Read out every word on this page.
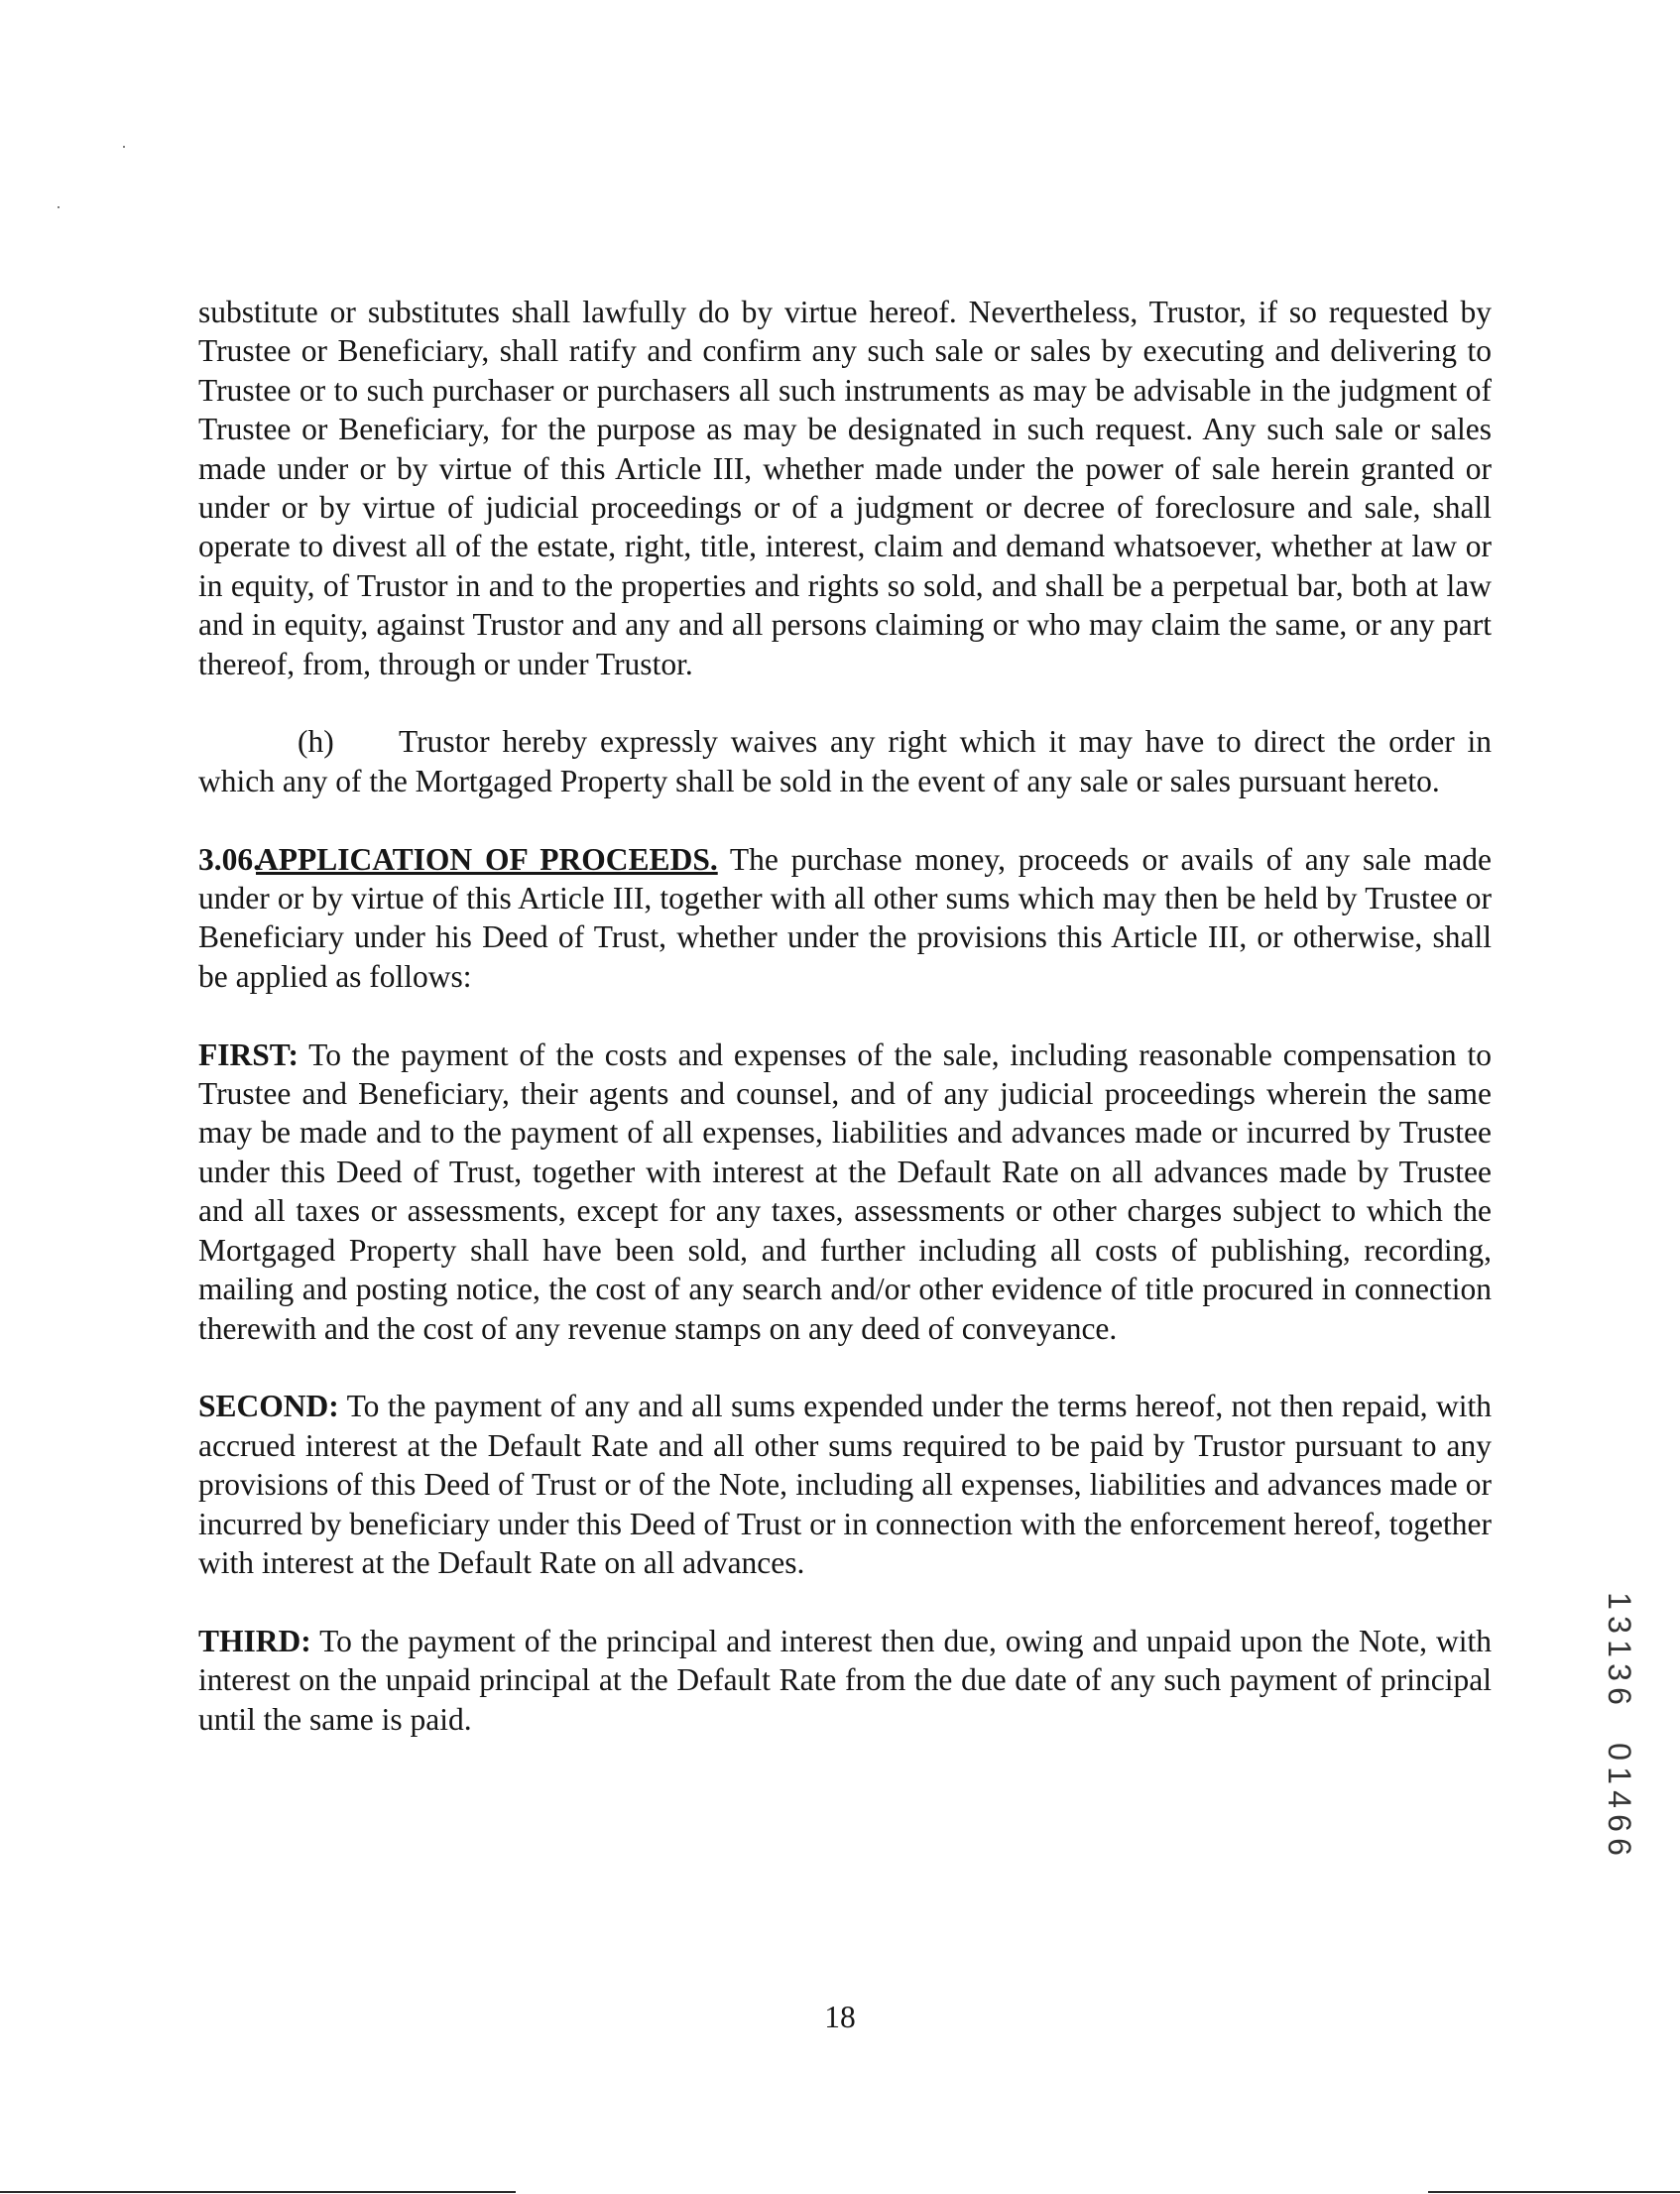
substitute or substitutes shall lawfully do by virtue hereof. Nevertheless, Trustor, if so requested by Trustee or Beneficiary, shall ratify and confirm any such sale or sales by executing and delivering to Trustee or to such purchaser or purchasers all such instruments as may be advisable in the judgment of Trustee or Beneficiary, for the purpose as may be designated in such request. Any such sale or sales made under or by virtue of this Article III, whether made under the power of sale herein granted or under or by virtue of judicial proceedings or of a judgment or decree of foreclosure and sale, shall operate to divest all of the estate, right, title, interest, claim and demand whatsoever, whether at law or in equity, of Trustor in and to the properties and rights so sold, and shall be a perpetual bar, both at law and in equity, against Trustor and any and all persons claiming or who may claim the same, or any part thereof, from, through or under Trustor.

(h) Trustor hereby expressly waives any right which it may have to direct the order in which any of the Mortgaged Property shall be sold in the event of any sale or sales pursuant hereto.

3.06.APPLICATION OF PROCEEDS. The purchase money, proceeds or avails of any sale made under or by virtue of this Article III, together with all other sums which may then be held by Trustee or Beneficiary under his Deed of Trust, whether under the provisions this Article III, or otherwise, shall be applied as follows:

FIRST: To the payment of the costs and expenses of the sale, including reasonable compensation to Trustee and Beneficiary, their agents and counsel, and of any judicial proceedings wherein the same may be made and to the payment of all expenses, liabilities and advances made or incurred by Trustee under this Deed of Trust, together with interest at the Default Rate on all advances made by Trustee and all taxes or assessments, except for any taxes, assessments or other charges subject to which the Mortgaged Property shall have been sold, and further including all costs of publishing, recording, mailing and posting notice, the cost of any search and/or other evidence of title procured in connection therewith and the cost of any revenue stamps on any deed of conveyance.

SECOND: To the payment of any and all sums expended under the terms hereof, not then repaid, with accrued interest at the Default Rate and all other sums required to be paid by Trustor pursuant to any provisions of this Deed of Trust or of the Note, including all expenses, liabilities and advances made or incurred by beneficiary under this Deed of Trust or in connection with the enforcement hereof, together with interest at the Default Rate on all advances.

THIRD: To the payment of the principal and interest then due, owing and unpaid upon the Note, with interest on the unpaid principal at the Default Rate from the due date of any such payment of principal until the same is paid.

1
3
1
3
6
0
1
4
6
6
18
